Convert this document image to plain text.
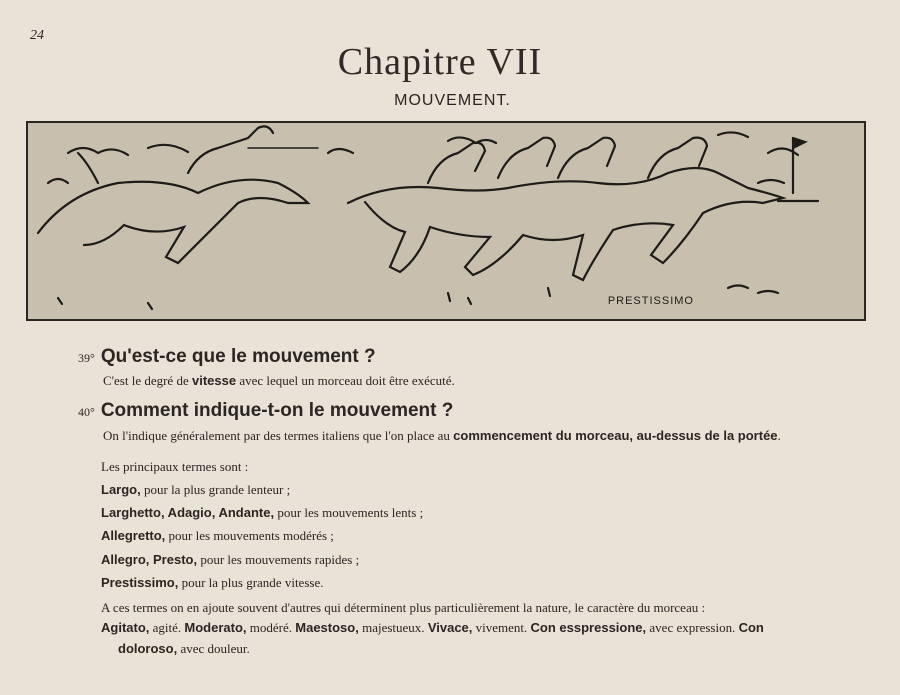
24
Chapitre VII
MOUVEMENT.
PRESTISSIMO
39° Qu'est-ce que le mouvement ?
C'est le degré de vitesse avec lequel un morceau doit être exécuté.
40° Comment indique-t-on le mouvement ?
On l'indique généralement par des termes italiens que l'on place au commencement du morceau, au-dessus de la portée.
Les principaux termes sont :
Largo, pour la plus grande lenteur ;
Larghetto, Adagio, Andante, pour les mouvements lents ;
Allegretto, pour les mouvements modérés ;
Allegro, Presto, pour les mouvements rapides ;
Prestissimo, pour la plus grande vitesse.
A ces termes on en ajoute souvent d'autres qui déterminent plus particulièrement la nature, le caractère du morceau :
Agitato, agité. Moderato, modéré. Maestoso, majestueux. Vivace, vivement. Con esspressione, avec expression. Con
doloroso, avec douleur.
